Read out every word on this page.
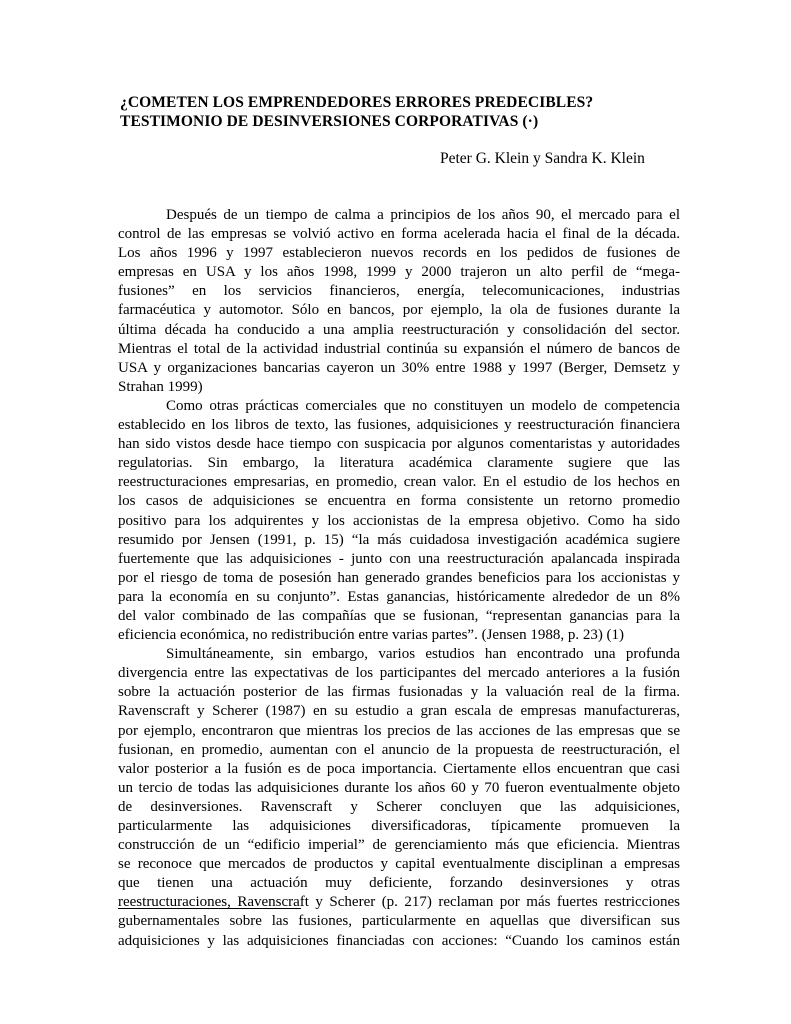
¿COMETEN LOS EMPRENDEDORES ERRORES PREDECIBLES?
TESTIMONIO DE DESINVERSIONES CORPORATIVAS (·)
Peter G. Klein y Sandra K. Klein
Después de un tiempo de calma a principios de los años 90, el mercado para el
control de las empresas se volvió activo en forma acelerada hacia el final de la década.
Los años 1996 y 1997 establecieron nuevos records en los pedidos de fusiones de
empresas en USA y los años 1998, 1999 y 2000 trajeron un alto perfil de “mega-
fusiones” en los servicios financieros, energía, telecomunicaciones, industrias
farmacéutica y automotor. Sólo en bancos, por ejemplo, la ola de fusiones durante la
última década ha conducido a una amplia reestructuración y consolidación del sector.
Mientras el total de la actividad industrial continúa su expansión el número de bancos de
USA y organizaciones bancarias cayeron un 30% entre 1988 y 1997 (Berger, Demsetz y
Strahan 1999)
Como otras prácticas comerciales que no constituyen un modelo de competencia
establecido en los libros de texto, las fusiones, adquisiciones y reestructuración financiera
han sido vistos desde hace tiempo con suspicacia por algunos comentaristas y autoridades
regulatorias. Sin embargo, la literatura académica claramente sugiere que las
reestructuraciones empresarias, en promedio, crean valor. En el estudio de los hechos en
los casos de adquisiciones se encuentra en forma consistente un retorno promedio
positivo para los adquirentes y los accionistas de la empresa objetivo. Como ha sido
resumido por Jensen (1991, p. 15) “la más cuidadosa investigación académica sugiere
fuertemente que las adquisiciones - junto con una reestructuración apalancada inspirada
por el riesgo de toma de posesión han generado grandes beneficios para los accionistas y
para la economía en su conjunto”. Estas ganancias, históricamente alrededor de un 8%
del valor combinado de las compañías que se fusionan, “representan ganancias para la
eficiencia económica, no redistribución entre varias partes”. (Jensen 1988, p. 23) (1)
Simultáneamente, sin embargo, varios estudios han encontrado una profunda
divergencia entre las expectativas de los participantes del mercado anteriores a la fusión
sobre la actuación posterior de las firmas fusionadas y la valuación real de la firma.
Ravenscraft y Scherer (1987) en su estudio a gran escala de empresas manufactureras,
por ejemplo, encontraron que mientras los precios de las acciones de las empresas que se
fusionan, en promedio, aumentan con el anuncio de la propuesta de reestructuración, el
valor posterior a la fusión es de poca importancia. Ciertamente ellos encuentran que casi
un tercio de todas las adquisiciones durante los años 60 y 70 fueron eventualmente objeto
de desinversiones. Ravenscraft y Scherer concluyen que las adquisiciones,
particularmente las adquisiciones diversificadoras, típicamente promueven la
construcción de un “edificio imperial” de gerenciamiento más que eficiencia. Mientras
se reconoce que mercados de productos y capital eventualmente disciplinan a empresas
que tienen una actuación muy deficiente, forzando desinversiones y otras
reestructuraciones, Ravenscraft y Scherer (p. 217) reclaman por más fuertes restricciones
gubernamentales sobre las fusiones, particularmente en aquellas que diversifican sus
adquisiciones y las adquisiciones financiadas con acciones: “Cuando los caminos están
